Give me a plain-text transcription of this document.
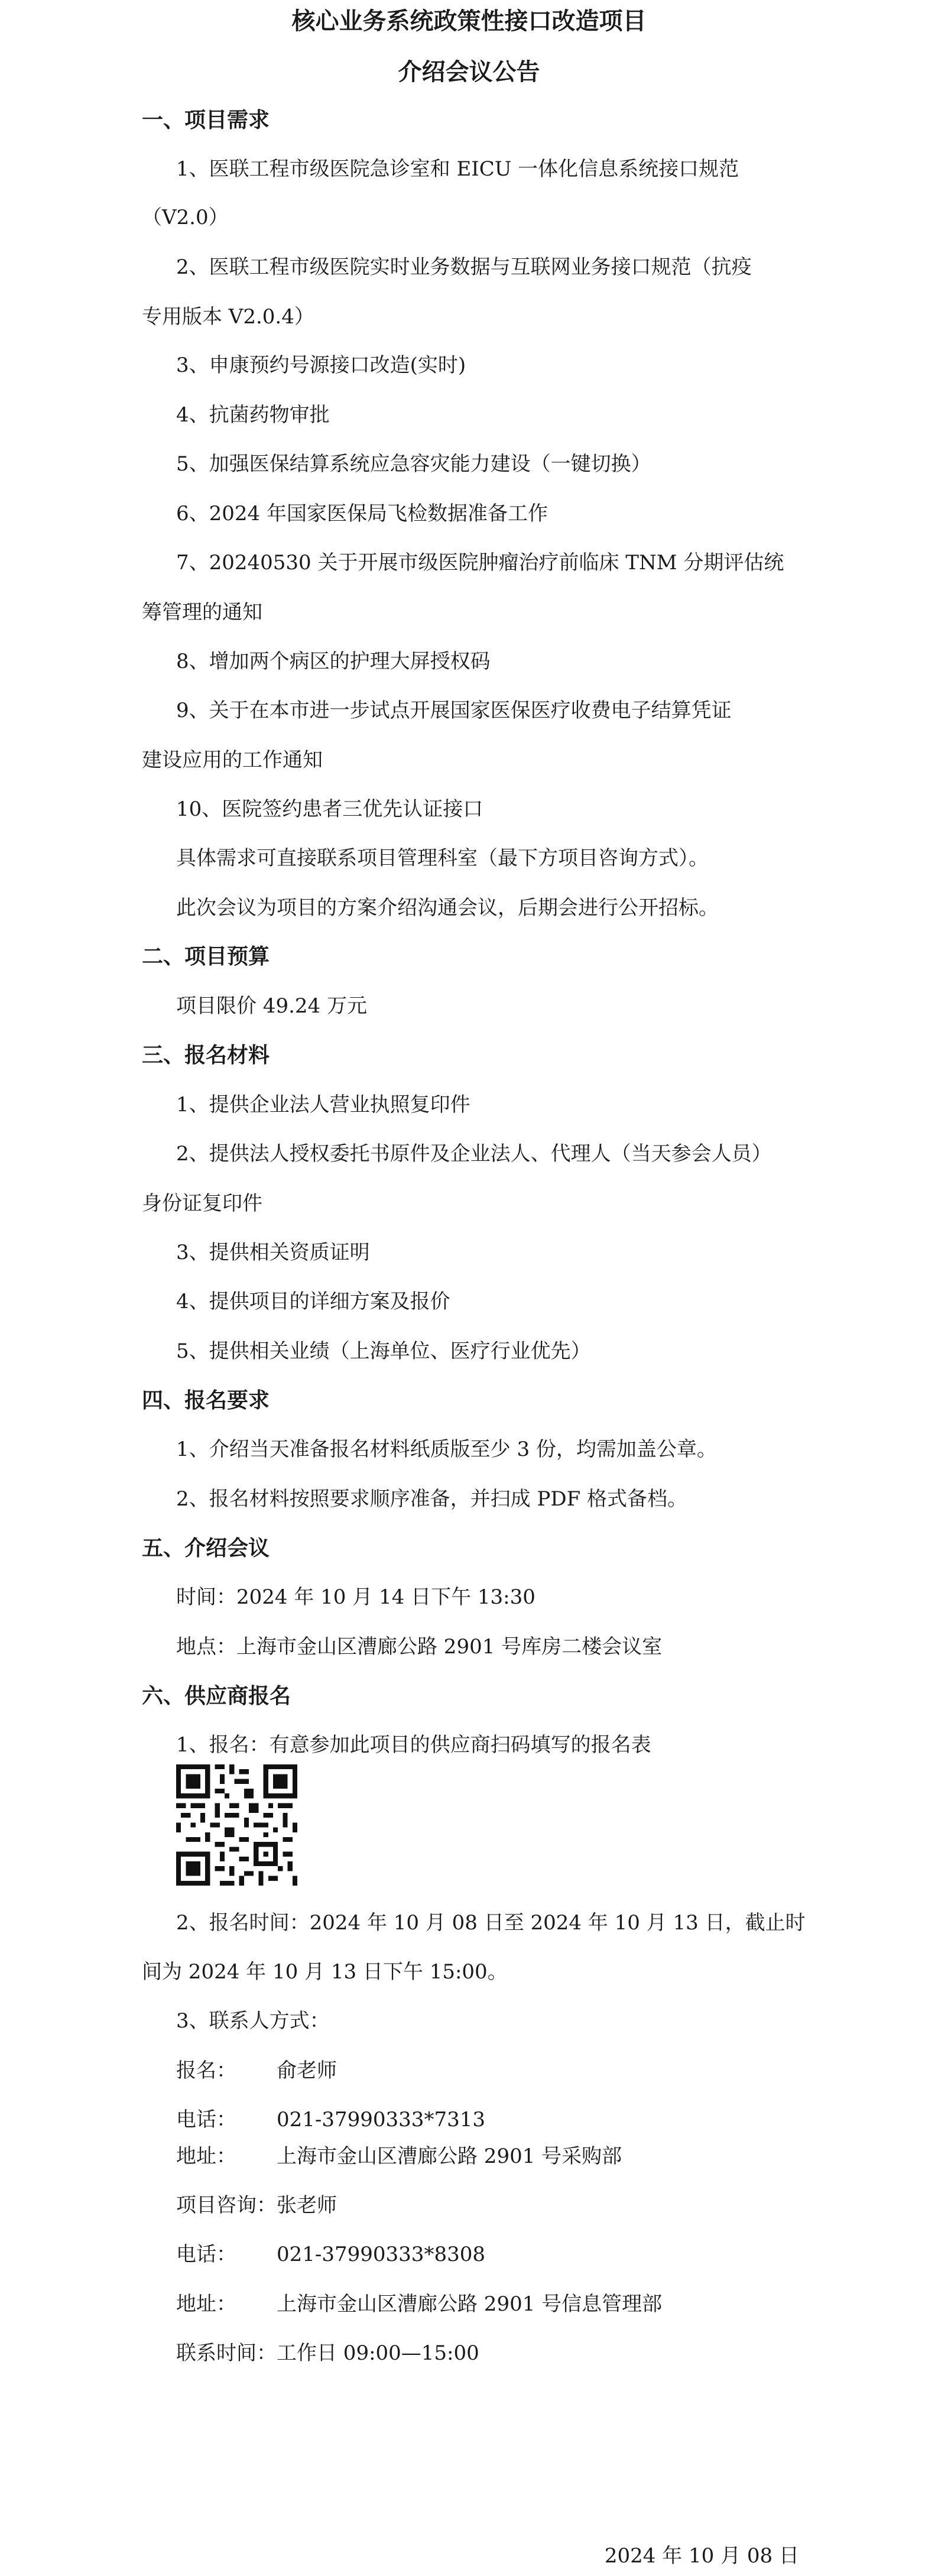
核心业务系统政策性接口改造项目
介绍会议公告
一、项目需求
1、医联工程市级医院急诊室和 EICU 一体化信息系统接口规范
（V2.0）
2、医联工程市级医院实时业务数据与互联网业务接口规范（抗疫
专用版本 V2.0.4）
3、申康预约号源接口改造(实时)
4、抗菌药物审批
5、加强医保结算系统应急容灾能力建设（一键切换）
6、2024 年国家医保局飞检数据准备工作
7、20240530 关于开展市级医院肿瘤治疗前临床 TNM 分期评估统
筹管理的通知
8、增加两个病区的护理大屏授权码
9、关于在本市进一步试点开展国家医保医疗收费电子结算凭证
建设应用的工作通知
10、医院签约患者三优先认证接口
具体需求可直接联系项目管理科室（最下方项目咨询方式）。
此次会议为项目的方案介绍沟通会议，后期会进行公开招标。
二、项目预算
项目限价 49.24 万元
三、报名材料
1、提供企业法人营业执照复印件
2、提供法人授权委托书原件及企业法人、代理人（当天参会人员）
身份证复印件
3、提供相关资质证明
4、提供项目的详细方案及报价
5、提供相关业绩（上海单位、医疗行业优先）
四、报名要求
1、介绍当天准备报名材料纸质版至少 3 份，均需加盖公章。
2、报名材料按照要求顺序准备，并扫成 PDF 格式备档。
五、介绍会议
时间：2024 年 10 月 14 日下午 13:30
地点：上海市金山区漕廊公路 2901 号库房二楼会议室
六、供应商报名
1、报名：有意参加此项目的供应商扫码填写的报名表
2、报名时间：2024 年 10 月 08 日至 2024 年 10 月 13 日，截止时
间为 2024 年 10 月 13 日下午 15:00。
3、联系人方式：
报名： 俞老师
电话： 021-37990333*7313
地址： 上海市金山区漕廊公路 2901 号采购部
项目咨询：张老师
电话： 021-37990333*8308
地址： 上海市金山区漕廊公路 2901 号信息管理部
联系时间：工作日 09:00—15:00
2024 年 10 月 08 日
